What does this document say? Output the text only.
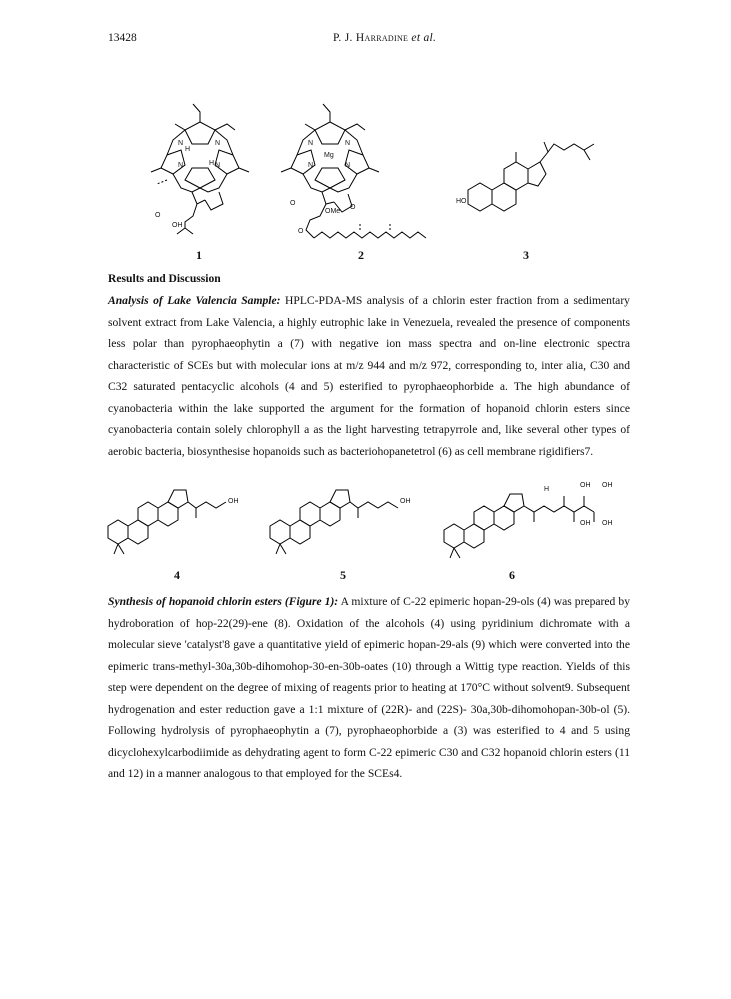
13428	P. J. Harradine et al.
N
H
N
N	H N
OH
O
N
Mg
N
N	N
O
OMe
O
O
HO
1	2	3
Results and Discussion
Analysis of Lake Valencia Sample: HPLC-PDA-MS analysis of a chlorin ester fraction from a sedimentary solvent extract from Lake Valencia, a highly eutrophic lake in Venezuela, revealed the presence of components less polar than pyrophaeophytin a (7) with negative ion mass spectra and on-line electronic spectra characteristic of SCEs but with molecular ions at m/z 944 and m/z 972, corresponding to, inter alia, C30 and C32 saturated pentacyclic alcohols (4 and 5) esterified to pyrophaeophorbide a. The high abundance of cyanobacteria within the lake supported the argument for the formation of hopanoid chlorin esters since cyanobacteria contain solely chlorophyll a as the light harvesting tetrapyrrole and, like several other types of aerobic bacteria, biosynthesise hopanoids such as bacteriohopanetetrol (6) as cell membrane rigidifiers7.
OH	OH
H
OH OH
OH OH
4	5	6
Synthesis of hopanoid chlorin esters (Figure 1): A mixture of C-22 epimeric hopan-29-ols (4) was prepared by hydroboration of hop-22(29)-ene (8). Oxidation of the alcohols (4) using pyridinium dichromate with a molecular sieve 'catalyst'8 gave a quantitative yield of epimeric hopan-29-als (9) which were converted into the epimeric trans-methyl-30a,30b-dihomohop-30-en-30b-oates (10) through a Wittig type reaction. Yields of this step were dependent on the degree of mixing of reagents prior to heating at 170°C without solvent9. Subsequent hydrogenation and ester reduction gave a 1:1 mixture of (22R)- and (22S)- 30a,30b-dihomohopan-30b-ol (5). Following hydrolysis of pyrophaeophytin a (7), pyrophaeophorbide a (3) was esterified to 4 and 5 using dicyclohexylcarbodiimide as dehydrating agent to form C-22 epimeric C30 and C32 hopanoid chlorin esters (11 and 12) in a manner analogous to that employed for the SCEs4.
